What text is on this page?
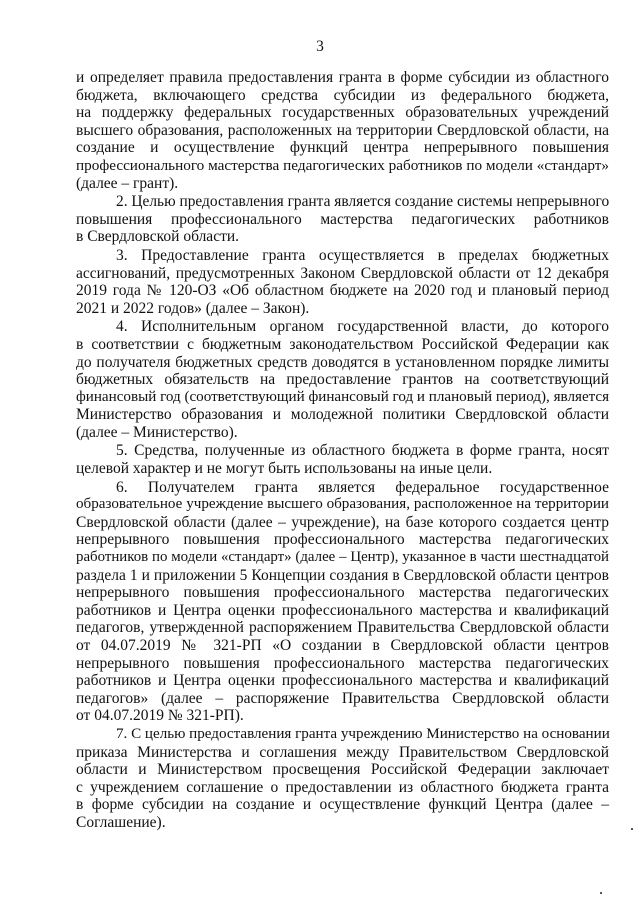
3
и определяет правила предоставления гранта в форме субсидии из областного
бюджета, включающего средства субсидии из федерального бюджета,
на поддержку федеральных государственных образовательных учреждений
высшего образования, расположенных на территории Свердловской области, на
создание и осуществление функций центра непрерывного повышения
профессионального мастерства педагогических работников по модели «стандарт»
(далее – грант).
2. Целью предоставления гранта является создание системы непрерывного
повышения профессионального мастерства педагогических работников
в Свердловской области.
3. Предоставление гранта осуществляется в пределах бюджетных
ассигнований, предусмотренных Законом Свердловской области от 12 декабря
2019 года № 120-ОЗ «Об областном бюджете на 2020 год и плановый период
2021 и 2022 годов» (далее – Закон).
4. Исполнительным органом государственной власти, до которого
в соответствии с бюджетным законодательством Российской Федерации как
до получателя бюджетных средств доводятся в установленном порядке лимиты
бюджетных обязательств на предоставление грантов на соответствующий
финансовый год (соответствующий финансовый год и плановый период), является
Министерство образования и молодежной политики Свердловской области
(далее – Министерство).
5. Средства, полученные из областного бюджета в форме гранта, носят
целевой характер и не могут быть использованы на иные цели.
6. Получателем гранта является федеральное государственное
образовательное учреждение высшего образования, расположенное на территории
Свердловской области (далее – учреждение), на базе которого создается центр
непрерывного повышения профессионального мастерства педагогических
работников по модели «стандарт» (далее – Центр), указанное в части шестнадцатой
раздела 1 и приложении 5 Концепции создания в Свердловской области центров
непрерывного повышения профессионального мастерства педагогических
работников и Центра оценки профессионального мастерства и квалификаций
педагогов, утвержденной распоряжением Правительства Свердловской области
от 04.07.2019 № 321-РП «О создании в Свердловской области центров
непрерывного повышения профессионального мастерства педагогических
работников и Центра оценки профессионального мастерства и квалификаций
педагогов» (далее – распоряжение Правительства Свердловской области
от 04.07.2019 № 321-РП).
7. С целью предоставления гранта учреждению Министерство на основании
приказа Министерства и соглашения между Правительством Свердловской
области и Министерством просвещения Российской Федерации заключает
с учреждением соглашение о предоставлении из областного бюджета гранта
в форме субсидии на создание и осуществление функций Центра (далее –
Соглашение).
